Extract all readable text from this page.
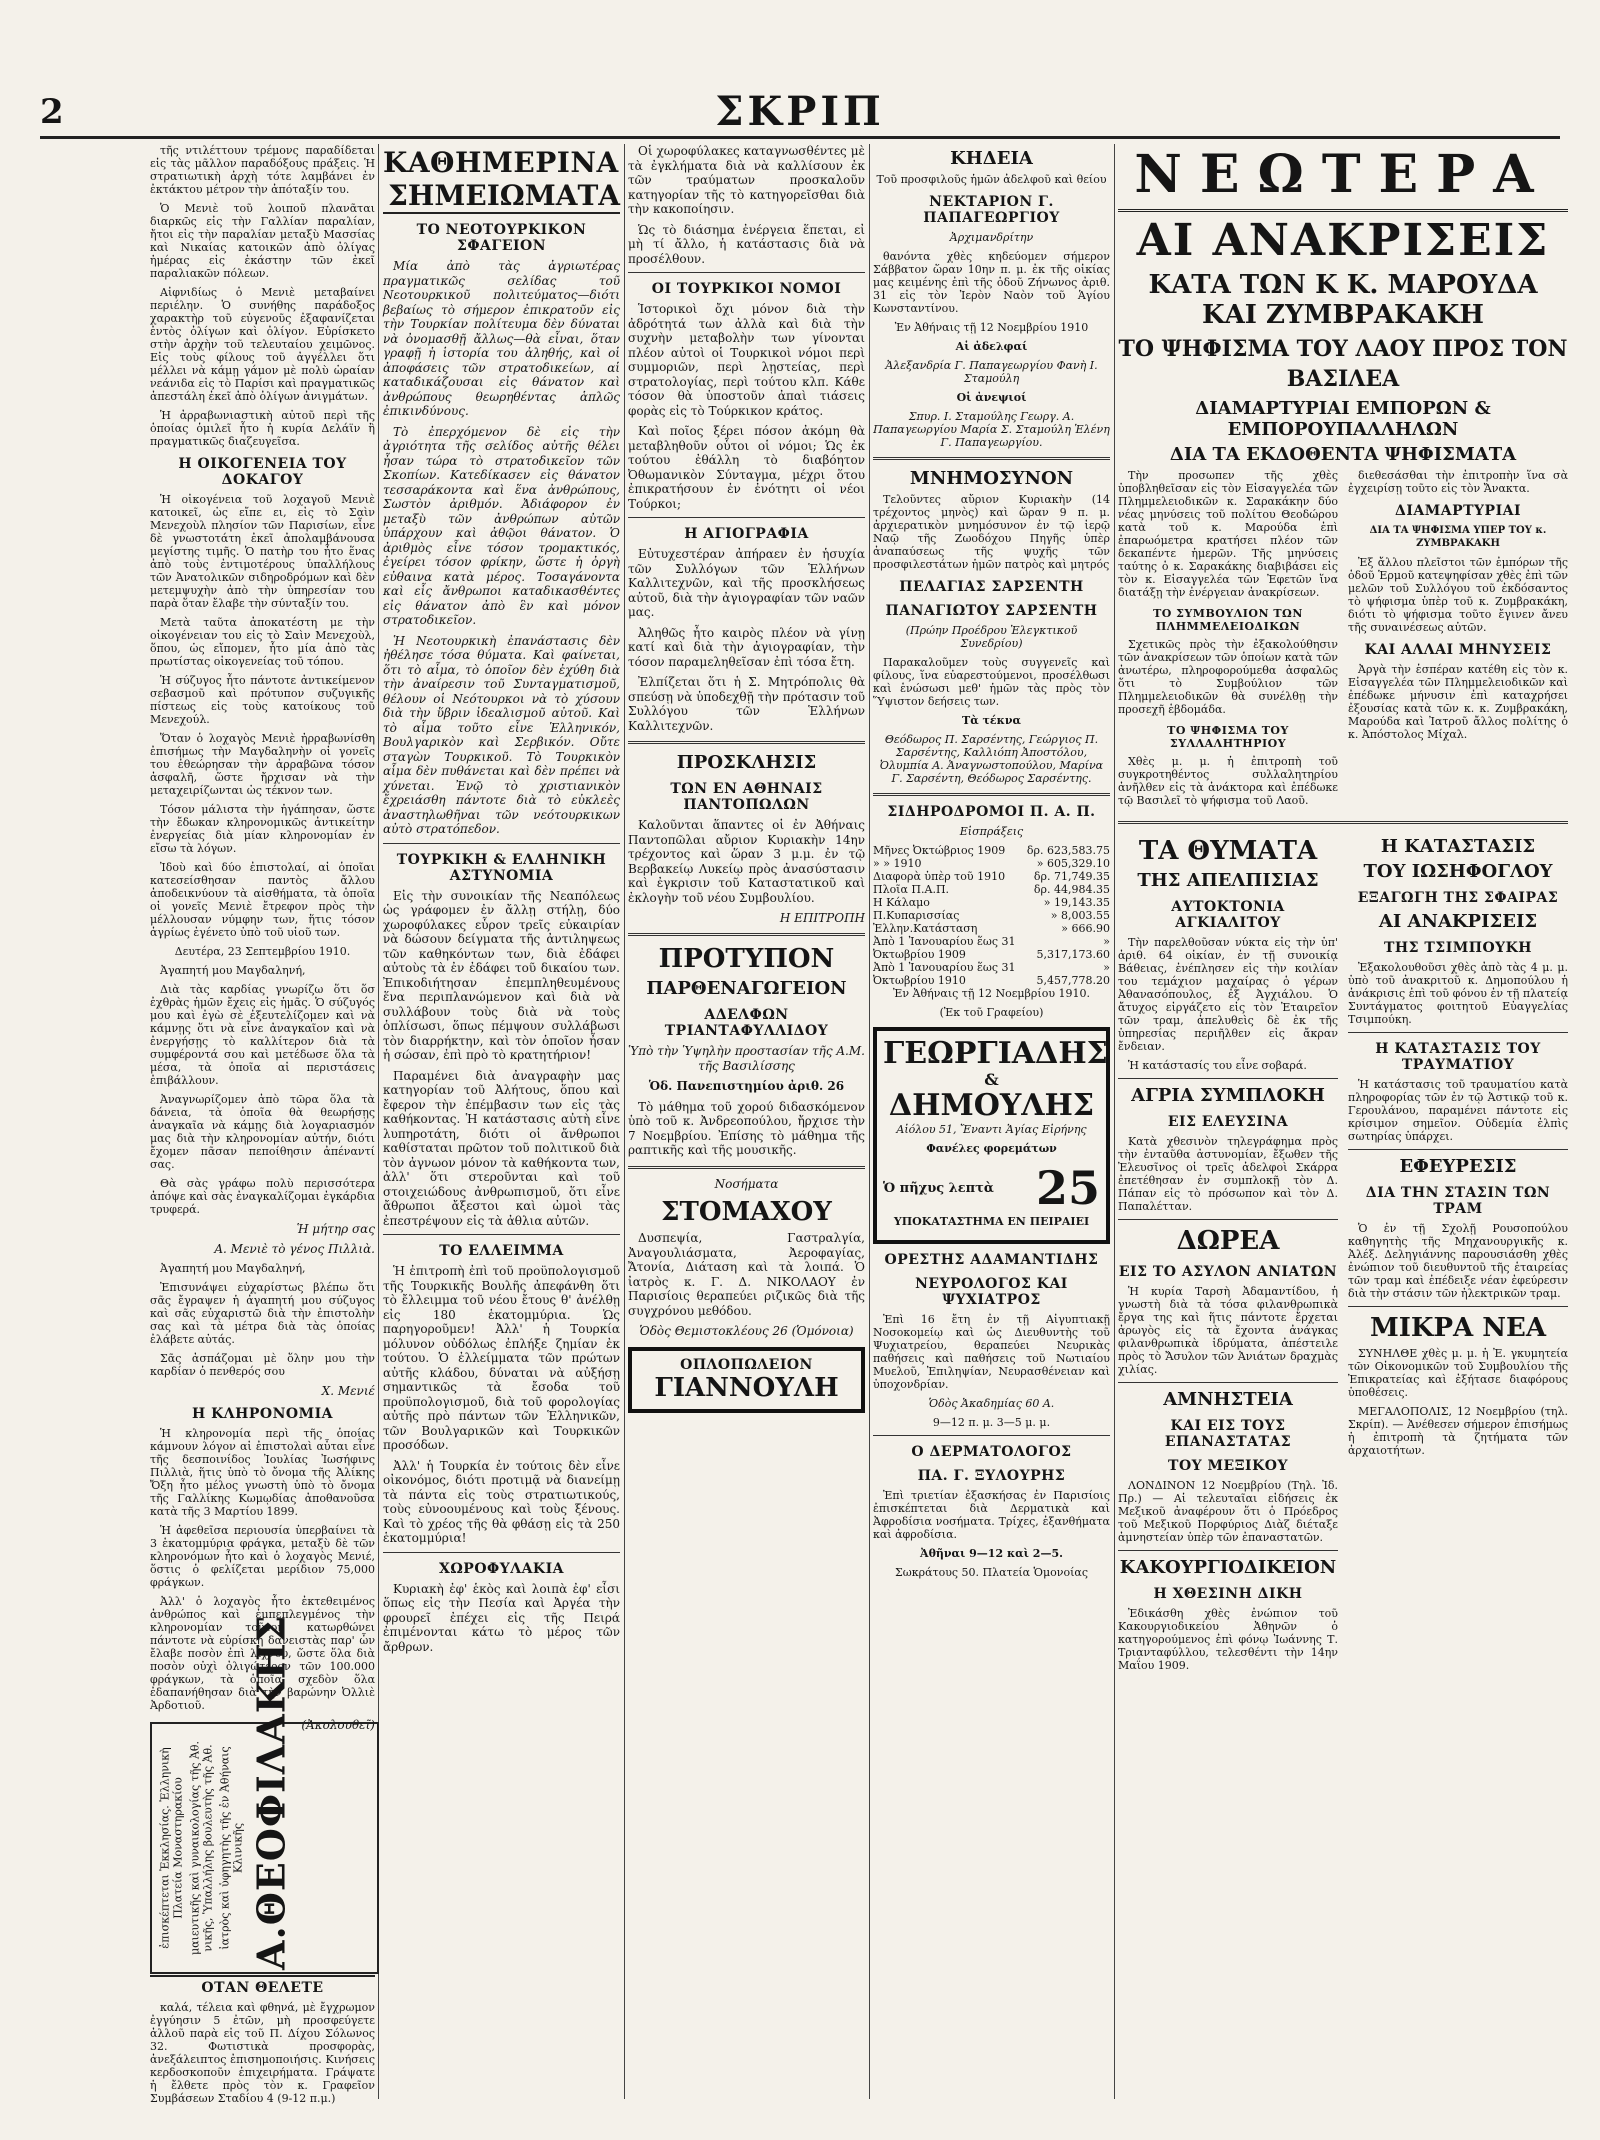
2	ΣΚΡΙΠ

τῆς ντιλέττουν τρέμονς παραδίδεται εἰς τὰς μᾶλλον παραδόξους πράξεις. Ἡ στρατιωτικὴ ἀρχὴ τότε λαμβάνει ἐν ἐκτάκτου μέτρον τὴν ἀπόταξίν του.

Ὁ Μενιὲ τοῦ λοιποῦ πλανᾶται διαρκῶς εἰς τὴν Γαλλίαν παραλίαν, ἤτοι εἰς τὴν παραλίαν μεταξὺ Μασσίας καὶ Νικαίας κατοικῶν ἀπὸ ὀλίγας ἡμέρας εἰς ἑκάστην τῶν ἐκεῖ παραλιακῶν πόλεων.

Αἰφνιδίως ὁ Μενιὲ μεταβαίνει περιέλην. Ὁ συνήθης παράδοξος χαρακτὴρ τοῦ εὐγενοῦς ἐξαφανίζεται ἐντὸς ὀλίγων καὶ ὀλίγον. Εὑρίσκετο στὴν ἀρχὴν τοῦ τελευταίου χειμῶνος. Εἰς τοὺς φίλους τοῦ ἀγγέλλει ὅτι μέλλει νὰ κάμῃ γάμον μὲ πολὺ ὡραίαν νεάνιδα εἰς τὸ Παρίσι καὶ πραγματικῶς ἀπεστάλη ἐκεῖ ἀπὸ ὀλίγων ἀνιγμάτων.

Ἡ ἀρραβωνιαστικὴ αὐτοῦ περὶ τῆς ὁποίας ὁμιλεῖ ἦτο ἡ κυρία Δελάϊν ἢ πραγματικῶς διαζευγεῖσα.

Η ΟΙΚΟΓΕΝΕΙΑ ΤΟΥ ΔΟΚΑΓΟΥ

Ἡ οἰκογένεια τοῦ λοχαγοῦ Μενιὲ κατοικεῖ, ὡς εἴπε ει, εἰς τὸ Σαὶν Μενεχοὺλ πλησίον τῶν Παρισίων, εἶνε δὲ γνωστοτάτη ἐκεῖ ἀπολαμβάνουσα μεγίστης τιμῆς. Ὁ πατὴρ του ἦτο ἕνας ἀπὸ τοὺς ἐντιμοτέρους ὑπαλλήλους τῶν Ἀνατολικῶν σιδηροδρόμων καὶ δὲν μετεμψυχὴν ἀπὸ τὴν ὑπηρεσίαν του παρὰ ὅταν ἔλαβε τὴν σύνταξίν του.

Μετὰ ταῦτα ἀποκατέστη με τὴν οἰκογένειαν του εἰς τὸ Σαὶν Μενεχοὺλ, ὅπου, ὡς εἴπομεν, ἦτο μία ἀπὸ τὰς πρωτίστας οἰκογενείας τοῦ τόπου.

Ἡ σύζυγος ἦτο πάντοτε ἀντικείμενον σεβασμοῦ καὶ πρότυπον συζυγικῆς πίστεως εἰς τοὺς κατοίκους τοῦ Μενεχούλ.

Ὅταν ὁ λοχαγὸς Μενιὲ ἠρραβωνίσθη ἐπισήμως τὴν Μαγδαληνὴν οἱ γονεῖς του ἐθεώρησαν τὴν ἀρραβῶνα τόσον ἀσφαλῆ, ὥστε ἤρχισαν νὰ τὴν μεταχειρίζωνται ὡς τέκνον των.

Τόσον μάλιστα τὴν ἠγάπησαν, ὥστε τὴν ἔδωκαν κληρονομικῶς ἀντικείτην ἐνεργείας διὰ μίαν κληρονομίαν ἐν εἴσω τὰ λόγων.

Ἰδοὺ καὶ δύο ἐπιστολαί, αἱ ὁποῖαι κατεσείσθησαν παντὸς ἄλλου ἀποδεικνύουν τὰ αἰσθήματα, τὰ ὁποῖα οἱ γονεῖς Μενιὲ ἔτρεφον πρὸς τὴν μέλλουσαν νύμφην των, ἥτις τόσον ἀγρίως ἐγένετο ὑπὸ τοῦ υἱοῦ των.

Δευτέρα, 23 Σεπτεμβρίου 1910.

Ἀγαπητή μου Μαγδαληνή,

Διὰ τὰς καρδίας γνωρίζω ὅτι ὅσ ἐχθρὰς ἡμῶν ἔχεις εἰς ἡμᾶς. Ὁ σύζυγός μου καὶ ἐγὼ σὲ ἐξευτελίζομεν καὶ νὰ κάμνῃς ὅτι νὰ εἶνε ἀναγκαῖον καὶ νὰ ἐνεργήσῃς τὸ καλλίτερον διὰ τὰ συμφέροντά σου καὶ μετέδωσε ὅλα τὰ μέσα, τὰ ὁποῖα αἱ περιστάσεις ἐπιβάλλουν.

Ἀναγνωρίζομεν ἀπὸ τῶρα ὅλα τὰ δάνεια, τὰ ὁποῖα θὰ θεωρήσῃς ἀναγκαῖα νὰ κάμῃς διὰ λογαριασμόν μας διὰ τὴν κληρονομίαν αὐτήν, διότι ἔχομεν πᾶσαν πεποίθησιν ἀπέναντί σας.

Θὰ σὰς γράφω πολὺ περισσότερα ἀπόψε καὶ σὰς ἐναγκαλίζομαι ἐγκάρδια τρυφερά.

Ἡ μήτηρ σας
Α. Μενιὲ τὸ γένος Πιλλιὰ.

Ἀγαπητή μου Μαγδαληνή,

Ἐπισυνάψει εὐχαρίστως βλέπω ὅτι σᾶς ἔγραψεν ἡ ἀγαπητή μου σύζυγος καὶ σᾶς εὐχαριστῶ διὰ τὴν ἐπιστολὴν σας καὶ τὰ μέτρα διὰ τὰς ὁποίας ἐλάβετε αὐτάς.

Σᾶς ἀσπάζομαι μὲ ὅλην μου τὴν καρδίαν ὁ πενθερός σου

Χ. Μενιέ
Η ΚΛΗΡΟΝΟΜΙΑ

Ἡ κληρονομία περὶ τῆς ὁποίας κάμνουν λόγον αἱ ἐπιστολαὶ αὗται εἶνε τῆς δεσποινίδος Ἰουλίας Ἰωσήφινς Πιλλιὰ, ἥτις ὑπὸ τὸ ὄνομα τῆς Ἀλίκης Ὄξη ἦτο μέλος γνωστὴ ὑπὸ τὸ ὄνομα τῆς Γαλλίκης Κωμῳδίας ἀποθανοῦσα κατὰ τῆς 3 Μαρτίου 1899.

Ἡ ἀφεθεῖσα περιουσία ὑπερβαίνει τὰ 3 ἑκατομμύρια φράγκα, μεταξὺ δὲ τῶν κληρονόμων ἦτο καὶ ὁ λοχαγὸς Μενιέ, ὅστις ὁ φελίζεται μερίδιον 75,000 φράγκων.

Ἀλλ' ὁ λοχαγὸς ἦτο ἐκτεθειμένος ἀνθρώπος καὶ ἐμπεπλεγμένος τὴν κληρονομίαν τοῦτον κατωρθώνει πάντοτε νὰ εὑρίσκῃ δανειστὰς παρ' ὧν ἔλαβε ποσὸν ἐπὶ λίχνου, ὥστε ὅλα διὰ ποσὸν οὐχὶ ὀλιγώτερον τῶν 100.000 φράγκων, τὰ ὁποῖα σχεδὸν ὅλα ἐδαπανήθησαν διὰ τὴν βαρώνην Ὀλλιὲ Ἀρδοτιοῦ.

(Ἀκολουθεῖ)
ἐπισκέπτεται Ἐκκλησίας. Ἐλληνικὴ Πλατεία Μοναστηρακίου μαιευτικῆς καὶ γυναικολογίας τῆς Ἀθ. νικῆς, Ὑπαλλήλης βουλευτὴς τῆς Ἀθ. ἰατρὸς καὶ ὑφηγητὴς τῆς ἐν Ἀθήναις Κλινικῆς Α.ΘΕΟΦΙΛΑΚΗΣ
ΟΤΑΝ ΘΕΛΕΤΕ

καλά, τέλεια καὶ φθηνά, μὲ ἔγχρωμον ἐγγύησιν 5 ἐτῶν, μὴ προσφεύγετε ἀλλοῦ παρὰ εἰς τοῦ Π. Δίχου Σόλωνος 32. Φωτιστικὰ προσφορὰς, ἀνεξάλειπτος ἐπισημοποιήσις. Κινήσεις κερδοσκοποῦν ἐπιχειρήματα. Γράψατε ἡ ἔλθετε πρὸς τὸν κ. Γραφεῖον Συμβάσεων Σταδίου 4 (9-12 π.μ.)

ΚΑΘΗΜΕΡΙΝΑ
ΣΗΜΕΙΩΜΑΤΑ
ΤΟ ΝΕΟΤΟΥΡΚΙΚΟΝ ΣΦΑΓΕΙΟΝ

Μία ἀπὸ τὰς ἀγριωτέρας πραγματικῶς σελίδας τοῦ Νεοτουρκικοῦ πολιτεύματος—διότι βεβαίως τὸ σήμερον ἐπικρατοῦν εἰς τὴν Τουρκίαν πολίτευμα δὲν δύναται νὰ ὀνομασθῇ ἄλλως—θὰ εἶναι, ὅταν γραφῇ ἡ ἱστορία του ἀληθής, καὶ οἱ ἀποφάσεις τῶν στρατοδικείων, αἱ καταδικάζουσαι εἰς θάνατον καὶ ἀνθρώπους θεωρηθέντας ἁπλῶς ἐπικινδύνους.

Τὸ ἐπερχόμενον δὲ εἰς τὴν ἀγριότητα τῆς σελίδος αὐτῆς θέλει ἦσαν τώρα τὸ στρατοδικεῖον τῶν Σκοπίων. Κατεδίκασεν εἰς θάνατον τεσσαράκοντα καὶ ἕνα ἀνθρώπους, Σωστὸν ἀριθμόν. Ἀδιάφορον ἐν μεταξὺ τῶν ἀνθρώπων αὐτῶν ὑπάρχουν καὶ ἀθῷοι θάνατον. Ὁ ἀριθμὸς εἶνε τόσον τρομακτικός, ἐγείρει τόσον φρίκην, ὥστε ἡ ὀργὴ εὐθαινα κατὰ μέρος. Τοσαγάνοντα καὶ εἷς ἄνθρωποι καταδικασθέντες εἰς θάνατον ἀπὸ ἓν καὶ μόνον στρατοδικεῖον.

Ἡ Νεοτουρκικὴ ἐπανάστασις δὲν ἠθέλησε τόσα θύματα. Καὶ φαίνεται, ὅτι τὸ αἷμα, τὸ ὁποῖον δὲν ἐχύθη διὰ τὴν ἀναίρεσιν τοῦ Συνταγματισμοῦ, θέλουν οἱ Νεότουρκοι νὰ τὸ χύσουν διὰ τὴν ὕβριν ἰδεαλισμοῦ αὐτοῦ. Καὶ τὸ αἷμα τοῦτο εἶνε Ἑλληνικόν, Βουλγαρικὸν καὶ Σερβικόν. Οὔτε σταγὼν Τουρκικοῦ. Τὸ Τουρκικὸν αἷμα δὲν πυθάνεται καὶ δὲν πρέπει νὰ χύνεται. Ἐνῷ τὸ χριστιανικὸν ἔχρειάσθη πάντοτε διὰ τὸ εὐκλεὲς ἀναστηλωθῆναι τῶν νεότουρκικων αὐτὸ στρατόπεδον.

ΤΟΥΡΚΙΚΗ & ΕΛΛΗΝΙΚΗ ΑΣΤΥΝΟΜΙΑ

Εἰς τὴν συνοικίαν τῆς Νεαπόλεως ὡς γράφομεν ἐν ἄλλῃ στήλῃ, δύο χωροφύλακες εὗρον τρεῖς εὐκαιρίαν νὰ δώσουν δείγματα τῆς ἀντιληψεως τῶν καθηκόντων των, διὰ ἐδάφει αὐτοὺς τὰ ἐν ἐδάφει τοῦ δικαίου των. Ἐπικοδιήτησαν ἐπεμπληθευμένους ἕνα περιπλανώμενον καὶ διὰ νὰ συλλάβουν τοὺς διὰ νὰ τοὺς ὁπλίσωσι, ὅπως πέμψουν συλλάβωσι τὸν διαρρήκτην, καὶ τὸν ὁποῖον ἦσαν ἡ σώσαν, ἐπὶ πρὸ τὸ κρατητήριον!

Παραμένει διὰ ἀναγραφὴν μας κατηγορίαν τοῦ Ἀλήτους, ὅπου καὶ ἔφερον τὴν ἐπέμβασιν των εἰς τὰς καθήκοντας. Ἡ κατάστασις αὐτὴ εἶνε λυπηροτάτη, διότι οἱ ἄνθρωποι καθίσταται πρῶτον τοῦ πολιτικοῦ διὰ τὸν ἀγνωον μόνον τὰ καθήκοντα των, ἀλλ' ὅτι στεροῦνται καὶ τοῦ στοιχειώδους ἀνθρωπισμοῦ, ὅτι εἶνε ἄθρωποι ἄξεστοι καὶ ὠμοὶ τὰς ἐπεστρέψουν εἰς τὰ ἀθλια αὐτῶν.

ΤΟ ΕΛΛΕΙΜΜΑ

Ἡ ἐπιτροπὴ ἐπὶ τοῦ προϋπολογισμοῦ τῆς Τουρκικῆς Βουλῆς ἀπεφάνθη ὅτι τὸ ἔλλειμμα τοῦ νέου ἔτους θ' ἀνέλθῃ εἰς 180 ἑκατομμύρια. Ὡς παρηγοροῦμεν! Ἀλλ' ἡ Τουρκία μόλυνον οὐδόλως ἐπλήξε ζημίαν ἐκ τούτου. Ὁ ἐλλείμματα τῶν πρώτων αὐτῆς κλάδου, δύναται νὰ αὐξήσῃ σημαντικῶς τὰ ἔσοδα τοῦ προϋπολογισμοῦ, διὰ τοῦ φορολογίας αὐτῆς πρὸ πάντων τῶν Ἑλληνικῶν, τῶν Βουλγαρικῶν καὶ Τουρκικῶν προσόδων.

Ἀλλ' ἡ Τουρκία ἐν τούτοις δὲν εἶνε οἰκονόμος, διότι προτιμᾷ νὰ διανείμῃ τὰ πάντα εἰς τοὺς στρατιωτικούς, τοὺς εὐνοουμένους καὶ τοὺς ξένους. Καὶ τὸ χρέος τῆς θὰ φθάσῃ εἰς τὰ 250 ἑκατομμύρια!

ΧΩΡΟΦΥΛΑΚΙΑ

Κυριακὴ ἐφ' ἑκὸς καὶ λοιπὰ ἐφ' εἶσι ὅπως εἰς τὴν Πεσία καὶ Ἀργέα τὴν φρουρεῖ ἐπέχει εἰς τῆς Πειρά ἐπιμένονται κάτω τὸ μέρος τῶν ἄρθρων.

Οἱ χωροφύλακες καταγνωσθέντες μὲ τὰ ἐγκλήματα διὰ νὰ καλλίσουν ἐκ τῶν τραύματων προσκαλοῦν κατηγορίαν τῆς τὸ κατηγορεῖσθαι διὰ τὴν κακοποίησιν.

Ὡς τὸ διάσημα ἐνέργεια ἕπεται, εἰ μὴ τί ἄλλο, ἡ κατάστασις διὰ νὰ προσέλθουν.

ΟΙ ΤΟΥΡΚΙΚΟΙ ΝΟΜΟΙ

Ἱστορικοὶ ὄχι μόνον διὰ τὴν ἀδρότητά των ἀλλὰ καὶ διὰ τὴν συχνὴν μεταβολὴν των γίνονται πλέον αὐτοὶ οἱ Τουρκικοὶ νόμοι περὶ συμμοριῶν, περὶ λῃστείας, περὶ στρατολογίας, περὶ τούτου κλπ. Κάθε τόσον θὰ ὑποστοῦν ἀπαὶ τιάσεις φορὰς εἰς τὸ Τούρκικον κράτος.

Καὶ ποῖος ξέρει πόσον ἀκόμη θὰ μεταβληθοῦν οὗτοι οἱ νόμοι; Ὡς ἐκ τούτου ἐθάλλη τὸ διαβόητον Ὀθωμανικὸν Σύνταγμα, μέχρι ὅτου ἐπικρατήσουν ἐν ἐνότητι οἱ νέοι Τούρκοι;

Η ΑΓΙΟΓΡΑΦΙΑ

Εὐτυχεστέραν ἀπήραεν ἐν ἡσυχία τῶν Συλλόγων τῶν Ἑλλήνων Καλλιτεχνῶν, καὶ τῆς προσκλήσεως αὐτοῦ, διὰ τὴν ἀγιογραφίαν τῶν ναῶν μας.

Ἀληθῶς ἦτο καιρὸς πλέον νὰ γίνῃ κατί καὶ διὰ τὴν ἀγιογραφίαν, τὴν τόσον παραμεληθεῖσαν ἐπὶ τόσα ἔτη.

Ἐλπίζεται ὅτι ἡ Σ. Μητρόπολις θὰ σπεύσῃ νὰ ὑποδεχθῇ τὴν πρότασιν τοῦ Συλλόγου τῶν Ἑλλήνων Καλλιτεχνῶν.

ΠΡΟΣΚΛΗΣΙΣ
ΤΩΝ ΕΝ ΑΘΗΝΑΙΣ ΠΑΝΤΟΠΩΛΩΝ

Καλοῦνται ἅπαντες οἱ ἐν Ἀθήναις Παντοπῶλαι αὔριον Κυριακὴν 14ην τρέχοντος καὶ ὥραν 3 μ.μ. ἐν τῷ Βερβακείῳ Λυκείῳ πρὸς ἀνασύστασιν καὶ ἐγκρισιν τοῦ Καταστατικοῦ καὶ ἐκλογὴν τοῦ νέου Συμβουλίου.

Η ΕΠΙΤΡΟΠΗ
ΠΡΟΤΥΠΟΝ
ΠΑΡΘΕΝΑΓΩΓΕΙΟΝ
ΑΔΕΛΦΩΝ ΤΡΙΑΝΤΑΦΥΛΛΙΔΟΥ

Ὑπὸ τὴν Ὑψηλὴν προστασίαν τῆς Α.Μ. τῆς Βασιλίσσης

Ὁδ. Πανεπιστημίου ἀριθ. 26

Τὸ μάθημα τοῦ χορού διδασκόμενον ὑπὸ τοῦ κ. Ἀνδρεοπούλου, ἤρχισε τὴν 7 Νοεμβρίου. Ἐπίσης τὸ μάθημα τῆς ραπτικῆς καὶ τῆς μουσικῆς.

Νοσήματα

ΣΤΟΜΑΧΟΥ

Δυσπεψία, Γαστραλγία, Ἀναγουλιάσματα, Ἀεροφαγίας, Ἄτονία, Διάταση καὶ τὰ λοιπά. Ὁ ἰατρὸς κ. Γ. Δ. ΝΙΚΟΛΑΟΥ ἐν Παρισίοις θεραπεύει ριζικῶς διὰ τῆς συγχρόνου μεθόδου.

Ὁδὸς Θεμιστοκλέους 26 (Ὁμόνοια)

ΟΠΛΟΠΩΛΕΙΟΝ
ΓΙΑΝΝΟΥΛΗ
ΚΗΔΕΙΑ

Τοῦ προσφιλοῦς ἡμῶν ἀδελφοῦ καὶ θείου

ΝΕΚΤΑΡΙΟΝ Γ. ΠΑΠΑΓΕΩΡΓΙΟΥ

Ἀρχιμανδρίτην

θανόντα χθὲς κηδεύομεν σήμερον Σάββατον ὥραν 10ην π. μ. ἐκ τῆς οἰκίας μας κειμένης ἐπὶ τῆς ὁδοῦ Ζήνωνος ἀριθ. 31 εἰς τὸν Ἱερὸν Ναὸν τοῦ Ἁγίου Κωνσταντίνου.

Ἐν Ἀθήναις τῇ 12 Νοεμβρίου 1910

Αἱ ἀδελφαί

Ἀλεξανδρία Γ. Παπαγεωργίου Φανὴ Ι. Σταμούλη

Οἱ ἀνεψιοί

Σπυρ. Ι. Σταμούλης Γεωργ. Α. Παπαγεωργίου Μαρία Σ. Σταμούλη Ἑλένη Γ. Παπαγεωργίου.

ΜΝΗΜΟΣΥΝΟΝ

Τελοῦντες αὔριον Κυριακὴν (14 τρέχοντος μηνὸς) καὶ ὥραν 9 π. μ. ἀρχιερατικὸν μνημόσυνον ἐν τῷ ἱερῷ Ναῷ τῆς Ζωοδόχου Πηγῆς ὑπὲρ ἀναπαύσεως τῆς ψυχῆς τῶν προσφιλεστάτων ἡμῶν πατρὸς καὶ μητρός

ΠΕΛΑΓΙΑΣ ΣΑΡΣΕΝΤΗ
ΠΑΝΑΓΙΩΤΟΥ ΣΑΡΣΕΝΤΗ

(Πρώην Προέδρου Ἐλεγκτικοῦ Συνεδρίου)

Παρακαλοῦμεν τοὺς συγγενεῖς καὶ φίλους, ἵνα εὐαρεστούμενοι, προσέλθωσι καὶ ἑνώσωσι μεθ' ἡμῶν τὰς πρὸς τὸν Ὕψιστον δεήσεις των.

Τὰ τέκνα

Θεόδωρος Π. Σαρσέντης, Γεώργιος Π. Σαρσέντης, Καλλιόπη Ἀποστόλου, Ὀλυμπία Α. Ἀναγνωστοπούλου, Μαρίνα Γ. Σαρσέντη, Θεόδωρος Σαρσέντης.

ΣΙΔΗΡΟΔΡΟΜΟΙ Π. Α. Π.

Εἰσπράξεις

Μῆνες Ὀκτώβριος 1909 δρ. 623,583.75
» » 1910	» 605,329.10
Διαφορὰ ὑπὲρ τοῦ 1910	δρ. 71,749.35
Πλοῖα Π.Α.Π.	δρ. 44,984.35
Η Κάλαμο	» 19,143.35
Π.Κυπαρισσίας	» 8,003.55
Ἐλλην.Κατάσταση	» 666.90
Ἀπὸ 1 Ἰανουαρίου ἕως 31 Ὀκτωβρίου 1909
» 5,317,173.60
Ἀπὸ 1 Ἰανουαρίου ἕως 31 Ὀκτωβρίου 1910
» 5,457,778.20

Ἐν Ἀθήναις τῇ 12 Νοεμβρίου 1910.

(Ἐκ τοῦ Γραφείου)

ΓΕΩΡΓΙΑΔΗΣ
&
ΔΗΜΟΥΛΗΣ

Αἰόλου 51, Ἔναντι Ἁγίας Εἰρήνης

Φανέλες φορεμάτων

Ὁ πῆχυς λεπτὰ 25

ΥΠΟΚΑΤΑΣΤΗΜΑ ΕΝ ΠΕΙΡΑΙΕΙ

ΟΡΕΣΤΗΣ ΑΔΑΜΑΝΤΙΔΗΣ
ΝΕΥΡΟΛΟΓΟΣ ΚΑΙ ΨΥΧΙΑΤΡΟΣ

Ἐπὶ 16 ἔτη ἐν τῇ Αἰγυπτιακῇ Νοσοκομείῳ καὶ ὡς Διευθυντὴς τοῦ Ψυχιατρείου, θεραπεύει Νευρικὰς παθήσεις καὶ παθήσεις τοῦ Νωτιαίου Μυελοῦ, Ἐπιληψίαν, Νευρασθένειαν καὶ ὑποχονδρίαν.

Ὁδὸς Ἀκαδημίας 60 Α.

9—12 π. μ. 3—5 μ. μ.

Ο ΔΕΡΜΑΤΟΛΟΓΟΣ
ΠΑ. Γ. ΞΥΛΟΥΡΗΣ

Ἐπὶ τριετίαν ἐξασκήσας ἐν Παρισίοις ἐπισκέπτεται διὰ Δερματικὰ καὶ Ἀφροδίσια νοσήματα. Τρίχες, ἐξανθήματα καὶ ἀφροδίσια.

Ἀθῆναι 9—12 καὶ 2—5.

Σωκράτους 50. Πλατεία Ὁμονοίας

ΝΕΩΤΕΡΑ
ΑΙ ΑΝΑΚΡΙΣΕΙΣ
ΚΑΤΑ ΤΩΝ Κ Κ. ΜΑΡΟΥΔΑ ΚΑΙ ΖΥΜΒΡΑΚΑΚΗ
ΤΟ ΨΗΦΙΣΜΑ ΤΟΥ ΛΑΟΥ ΠΡΟΣ ΤΟΝ ΒΑΣΙΛΕΑ
ΔΙΑΜΑΡΤΥΡΙΑΙ ΕΜΠΟΡΩΝ & ΕΜΠΟΡΟΥΠΑΛΛΗΛΩΝ
ΔΙΑ ΤΑ ΕΚΔΟΘΕΝΤΑ ΨΗΦΙΣΜΑΤΑ

Τὴν προσωπεν τῆς χθὲς ὑποβληθεῖσαν εἰς τὸν Εἰσαγγελέα τῶν Πλημμελειοδικῶν κ. Σαρακάκην δύο νέας μηνύσεις τοῦ πολίτου Θεοδώρου κατὰ τοῦ κ. Μαρούδα ἐπὶ ἐπαρωόμετρα κρατήσει πλέον τῶν δεκαπέντε ἡμερῶν. Τῆς μηνύσεις ταύτης ὁ κ. Σαρακάκης διαβιβάσει εἰς τὸν κ. Εἰσαγγελέα τῶν Ἐφετῶν ἵνα διατάξῃ τὴν ἐνέργειαν ἀνακρίσεων.

ΤΟ ΣΥΜΒΟΥΛΙΟΝ ΤΩΝ ΠΛΗΜΜΕΛΕΙΟΔΙΚΩΝ

Σχετικῶς πρὸς τὴν ἐξακολούθησιν τῶν ἀνακρίσεων τῶν ὁποίων κατὰ τῶν ἀνωτέρω, πληροφορούμεθα ἀσφαλῶς ὅτι τὸ Συμβούλιον τῶν Πλημμελειοδικῶν θὰ συνέλθῃ τὴν προσεχῆ ἑβδομάδα.

ΤΟ ΨΗΦΙΣΜΑ ΤΟΥ ΣΥΛΛΑΛΗΤΗΡΙΟΥ

Χθὲς μ. μ. ἡ ἐπιτροπὴ τοῦ συγκροτηθέντος συλλαλητηρίου ἀνῆλθεν εἰς τὰ ἀνάκτορα καὶ ἐπέδωκε τῷ Βασιλεῖ τὸ ψήφισμα τοῦ Λαοῦ.

διεθεσάσθαι τὴν ἐπιτροπὴν ἵνα σὰ ἐγχειρίσῃ τοῦτο εἰς τὸν Ἄνακτα.

ΔΙΑΜΑΡΤΥΡΙΑΙ

ΔΙΑ ΤΑ ΨΗΦΙΣΜΑ ΥΠΕΡ ΤΟΥ κ. ΖΥΜΒΡΑΚΑΚΗ

Ἐξ ἄλλου πλεῖστοι τῶν ἐμπόρων τῆς ὁδοῦ Ἑρμοῦ κατεψηφίσαν χθὲς ἐπὶ τῶν μελῶν τοῦ Συλλόγου τοῦ ἐκδόσαντος τὸ ψήφισμα ὑπὲρ τοῦ κ. Ζυμβρακάκη, διότι τὸ ψήφισμα τοῦτο ἔγινεν ἄνευ τῆς συναινέσεως αὐτῶν.

ΚΑΙ ΑΛΛΑΙ ΜΗΝΥΣΕΙΣ

Ἀργὰ τὴν ἑσπέραν κατέθη εἰς τὸν κ. Εἰσαγγελέα τῶν Πλημμελειοδικῶν καὶ ἐπέδωκε μήνυσιν ἐπὶ καταχρήσει ἐξουσίας κατὰ τῶν κ. κ. Ζυμβρακάκη, Μαρούδα καὶ Ἰατροῦ ἄλλος πολίτης ὁ κ. Ἀπόστολος Μίχαλ.

ΤΑ ΘΥΜΑΤΑ
ΤΗΣ ΑΠΕΛΠΙΣΙΑΣ
ΑΥΤΟΚΤΟΝΙΑ ΑΓΚΙΑΛΙΤΟΥ

Τὴν παρελθοῦσαν νύκτα εἰς τὴν ὑπ' ἀριθ. 64 οἰκίαν, ἐν τῇ συνοικίᾳ Βάθειας, ἐνέπλησεν εἰς τὴν κοιλίαν του τεμάχιον μαχαίρας ὁ γέρων Ἀθανασόπουλος, ἐξ Ἀγχιάλου. Ὁ ἄτυχος εἰργάζετο εἰς τὸν Ἐταιρεῖον τῶν τραμ, ἀπελυθεὶς δὲ ἐκ τῆς ὑπηρεσίας περιῆλθεν εἰς ἄκραν ἔνδειαν.

Ἡ κατάστασίς του εἶνε σοβαρά.

ΑΓΡΙΑ ΣΥΜΠΛΟΚΗ
ΕΙΣ ΕΛΕΥΣΙΝΑ

Κατὰ χθεσινὸν τηλεγράφημα πρὸς τὴν ἐνταῦθα ἀστυνομίαν, ἔξωθεν τῆς Ἐλευσῖνος οἱ τρεῖς ἀδελφοὶ Σκάρρα ἐπετέθησαν ἐν συμπλοκῇ τὸν Δ. Πάπαν εἰς τὸ πρόσωπον καὶ τὸν Δ. Παπαλέτταν.

ΔΩΡΕΑ
ΕΙΣ ΤΟ ΑΣΥΛΟΝ ΑΝΙΑΤΩΝ

Ἡ κυρία Ταρσὴ Ἀδαμαντίδου, ἡ γνωστὴ διὰ τὰ τόσα φιλανθρωπικὰ ἔργα της καὶ ἥτις πάντοτε ἔρχεται ἀρωγὸς εἰς τὰ ἔχοντα ἀνάγκας φιλανθρωπικὰ ἱδρύματα, ἀπέστειλε πρὸς τὸ Ἄσυλον τῶν Ἀνιάτων δραχμὰς χιλίας.

ΑΜΝΗΣΤΕΙΑ
ΚΑΙ ΕΙΣ ΤΟΥΣ ΕΠΑΝΑΣΤΑΤΑΣ
ΤΟΥ ΜΕΞΙΚΟΥ

ΛΟΝΔΙΝΟΝ 12 Νοεμβρίου (Τηλ. Ἰδ. Πρ.) — Αἱ τελευταῖαι εἰδήσεις ἐκ Μεξικοῦ ἀναφέρουν ὅτι ὁ Πρόεδρος τοῦ Μεξικοῦ Πορφύριος Διὰζ διέταξε ἀμνηστείαν ὑπὲρ τῶν ἐπαναστατῶν.

ΚΑΚΟΥΡΓΙΟΔΙΚΕΙΟΝ
Η ΧΘΕΣΙΝΗ ΔΙΚΗ

Ἐδικάσθη χθὲς ἐνώπιον τοῦ Κακουργιοδικείου Ἀθηνῶν ὁ κατηγορούμενος ἐπὶ φόνῳ Ἰωάννης Τ. Τριανταφύλλου, τελεσθέντι τὴν 14ην Μαΐου 1909.

Η ΚΑΤΑΣΤΑΣΙΣ
ΤΟΥ ΙΩΣΗΦΟΓΛΟΥ
ΕΞΑΓΩΓΗ ΤΗΣ ΣΦΑΙΡΑΣ
ΑΙ ΑΝΑΚΡΙΣΕΙΣ
ΤΗΣ ΤΣΙΜΠΟΥΚΗ

Ἐξακολουθοῦσι χθὲς ἀπὸ τὰς 4 μ. μ. ὑπὸ τοῦ ἀνακριτοῦ κ. Δημοπούλου ἡ ἀνάκρισις ἐπὶ τοῦ φόνου ἐν τῇ πλατείᾳ Συντάγματος φοιτητοῦ Εὐαγγελίας Τσιμπούκη.

Η ΚΑΤΑΣΤΑΣΙΣ ΤΟΥ ΤΡΑΥΜΑΤΙΟΥ

Ἡ κατάστασις τοῦ τραυματίου κατὰ πληροφορίας τῶν ἐν τῷ Ἀστικῷ τοῦ κ. Γερουλάνου, παραμένει πάντοτε εἰς κρίσιμον σημεῖον. Οὐδεμία ἐλπὶς σωτηρίας ὑπάρχει.

ΕΦΕΥΡΕΣΙΣ
ΔΙΑ ΤΗΝ ΣΤΑΣΙΝ ΤΩΝ ΤΡΑΜ

Ὁ ἐν τῇ Σχολῇ Ρουσοπούλου καθηγητὴς τῆς Μηχανουργικῆς κ. Ἀλέξ. Δεληγιάννης παρουσιάσθη χθὲς ἐνώπιον τοῦ διευθυντοῦ τῆς ἑταιρείας τῶν τραμ καὶ ἐπέδειξε νέαν ἐφεύρεσιν διὰ τὴν στάσιν τῶν ἠλεκτρικῶν τραμ.

ΜΙΚΡΑ ΝΕΑ

ΣΥΝΗΛΘΕ χθὲς μ. μ. ἡ Ἐ. γκυμητεία τῶν Οἰκονομικῶν τοῦ Συμβουλίου τῆς Ἐπικρατείας καὶ ἐξήτασε διαφόρους ὑποθέσεις.

ΜΕΓΑΛΟΠΟΛΙΣ, 12 Νοεμβρίου (τηλ. Σκρίπ). — Ἀνέθεσεν σήμερον ἐπισήμως ἡ ἐπιτροπὴ τὰ ζητήματα τῶν ἀρχαιοτήτων.
